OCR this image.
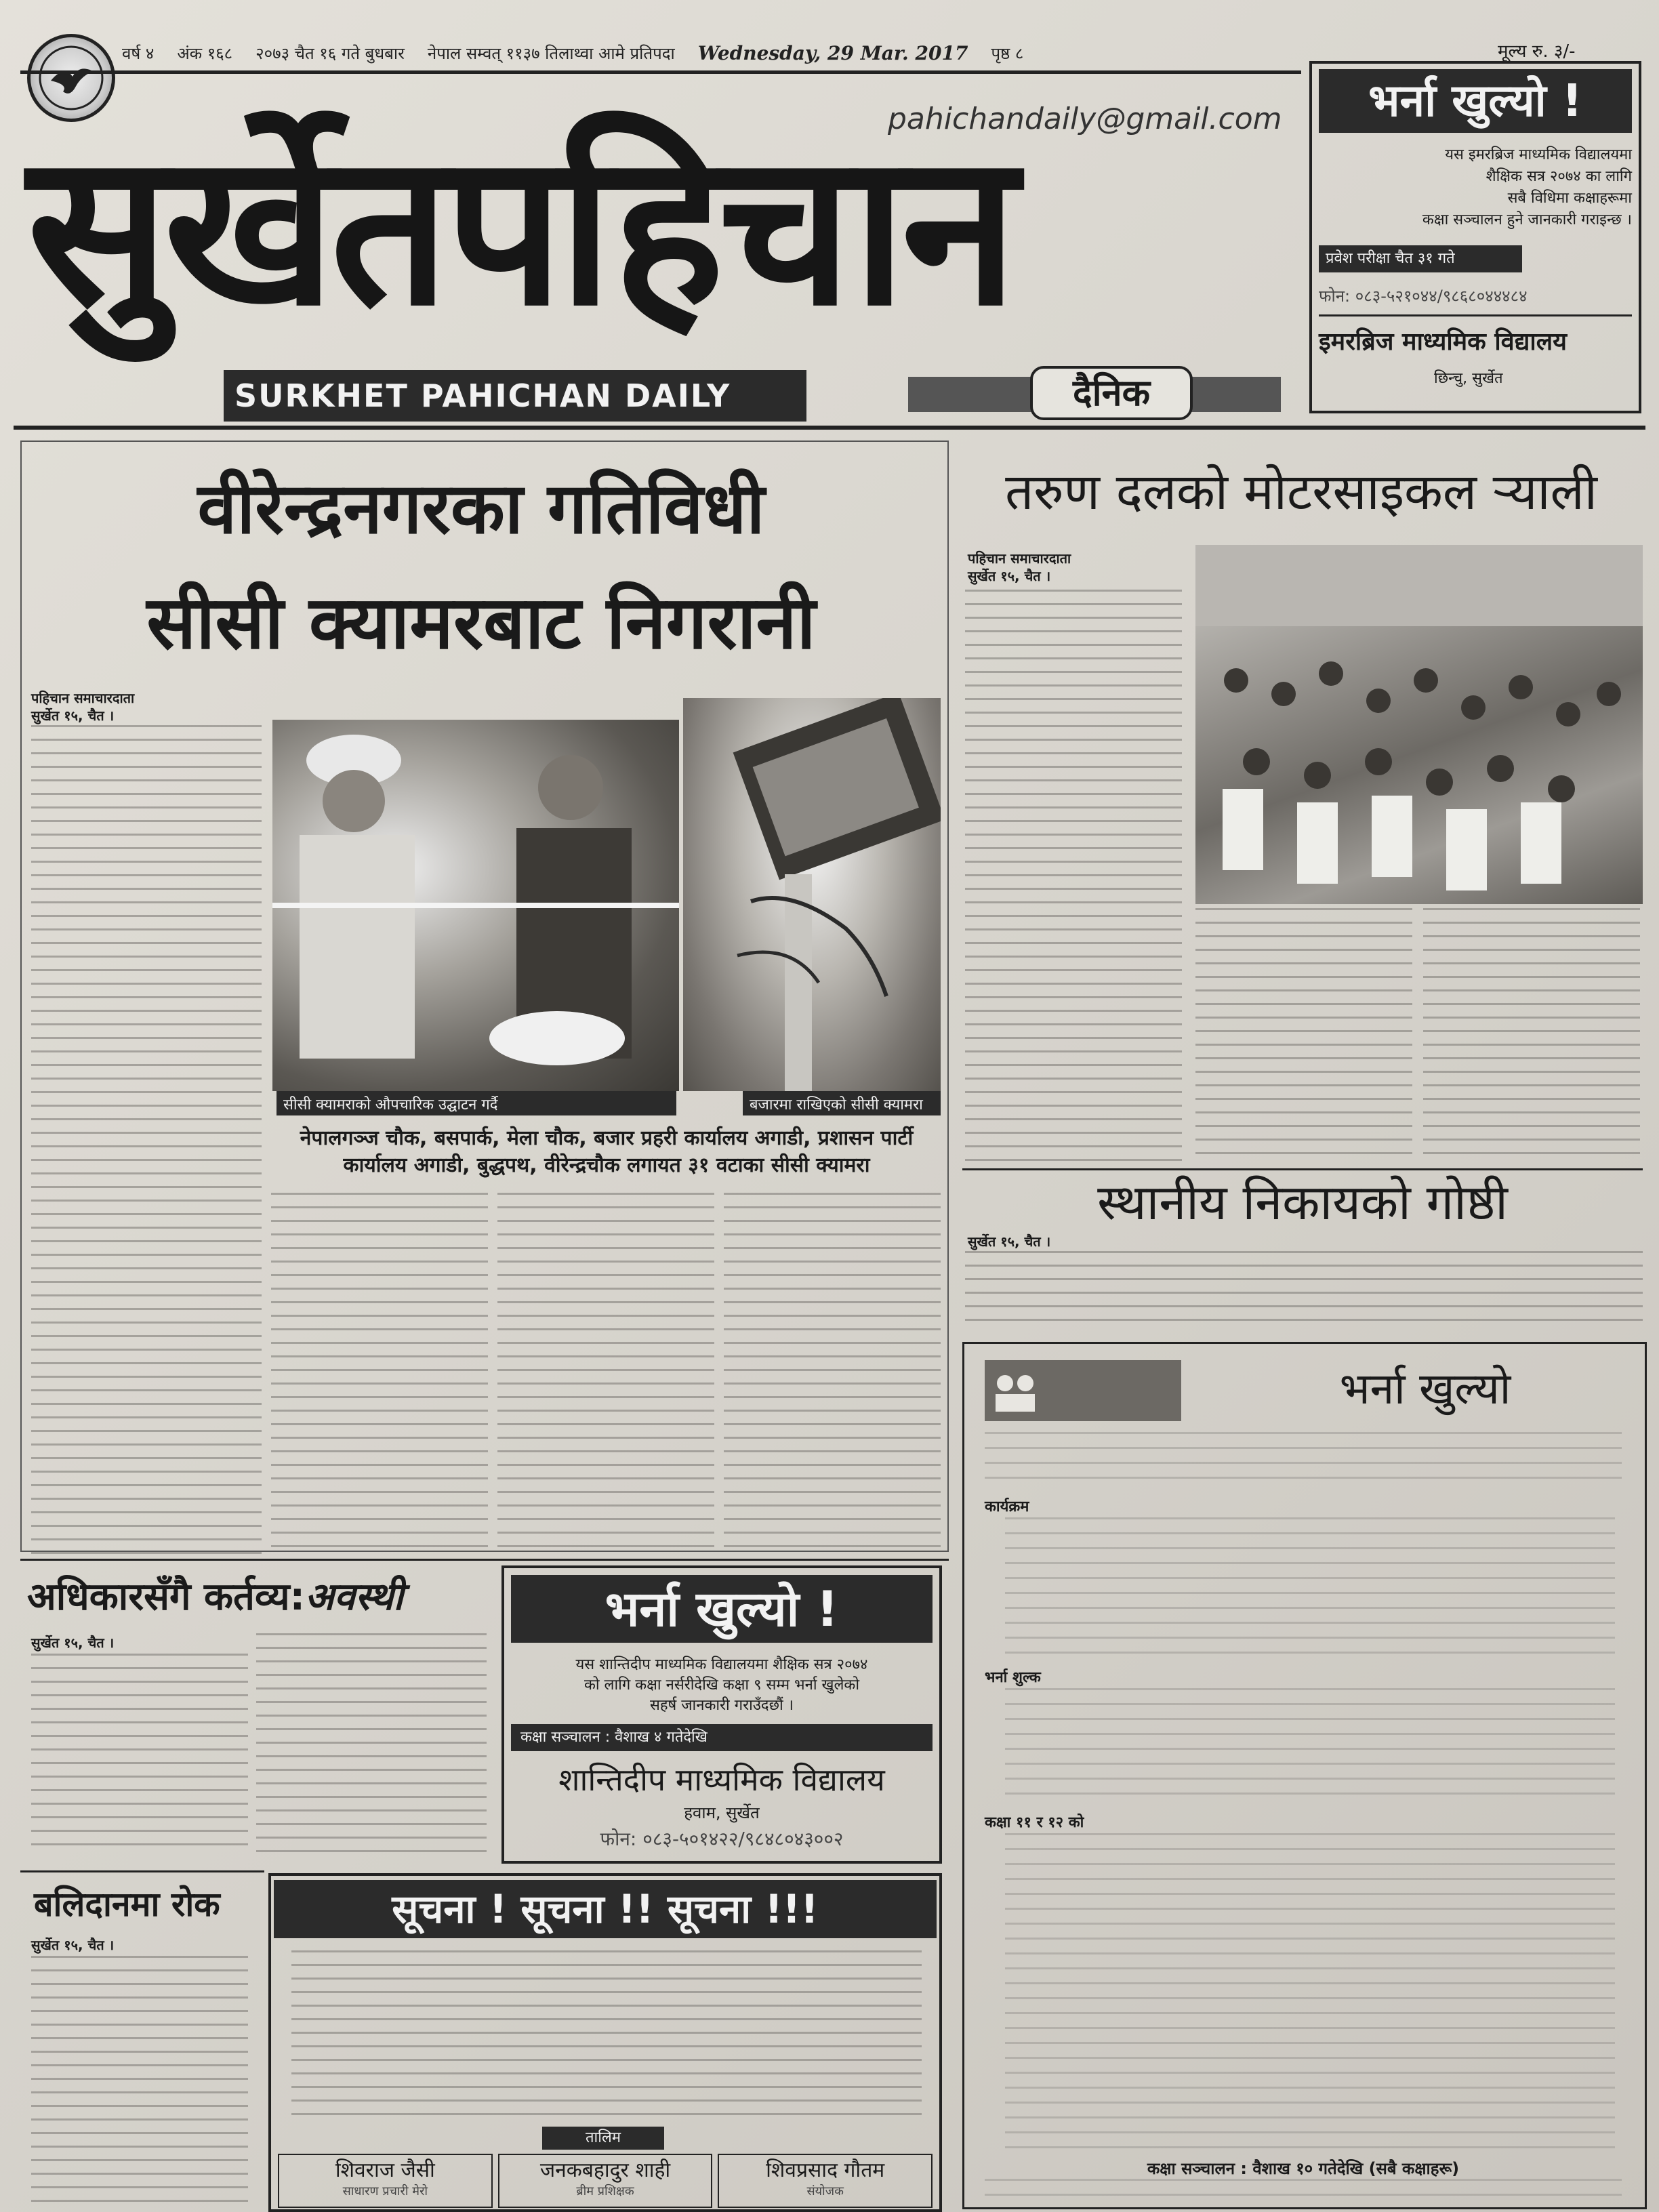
वर्ष ४ अंक १६८ २०७३ चैत १६ गते बुधबार नेपाल सम्वत् ११३७ तिलाथ्वा आमे प्रतिपदा Wednesday, 29 Mar. 2017 पृष्ठ ८	मूल्य रु. ३/-
pahichandaily@gmail.com
सुर्खेतपहिचान
SURKHET PAHICHAN DAILY	दैनिक
भर्ना खुल्यो !
यस इमरब्रिज माध्यमिक विद्यालयमा
शैक्षिक सत्र २०७४ का लागि
सबै विधिमा कक्षाहरूमा
कक्षा सञ्चालन हुने जानकारी गराइन्छ ।
प्रवेश परीक्षा चैत ३१ गते
फोन: ०८३-५२१०४४/९८६८०४४४८४
इमरब्रिज माध्यमिक विद्यालय
छिन्चु, सुर्खेत
वीरेन्द्रनगरका गतिविधी
सीसी क्यामरबाट निगरानी
पहिचान समाचारदाता
सुर्खेत १५, चैत ।
सीसी क्यामराको औपचारिक उद्घाटन गर्दै	बजारमा राखिएको सीसी क्यामरा
नेपालगञ्ज चौक, बसपार्क, मेला चौक, बजार प्रहरी कार्यालय अगाडी, प्रशासन पार्टी कार्यालय अगाडी, बुद्धपथ, वीरेन्द्रचौक लगायत ३१ वटाका सीसी क्यामरा
तरुण दलको मोटरसाइकल र्‍याली
पहिचान समाचारदाता
सुर्खेत १५, चैत ।
स्थानीय निकायको गोष्ठी
सुर्खेत १५, चैत ।
भर्ना खुल्यो
कार्यक्रम
भर्ना शुल्क
कक्षा ११ र १२ को
कक्षा सञ्चालन : वैशाख १० गतेदेखि (सबै कक्षाहरू)
अधिकारसँगै कर्तव्य:अवस्थी
सुर्खेत १५, चैत ।
भर्ना खुल्यो !
यस शान्तिदीप माध्यमिक विद्यालयमा शैक्षिक सत्र २०७४
को लागि कक्षा नर्सरीदेखि कक्षा ९ सम्म भर्ना खुलेको
सहर्ष जानकारी गराउँदछौं ।
कक्षा सञ्चालन : वैशाख ४ गतेदेखि
शान्तिदीप माध्यमिक विद्यालय
हवाम, सुर्खेत
फोन: ०८३-५०१४२२/९८४८०४३००२
बलिदानमा रोक
सुर्खेत १५, चैत ।
सूचना ! सूचना !! सूचना !!!
तालिम
शिवराज जैसी
साधारण प्रचारी मेरो
जनकबहादुर शाही
ब्रीम प्रशिक्षक
शिवप्रसाद गौतम
संयोजक
